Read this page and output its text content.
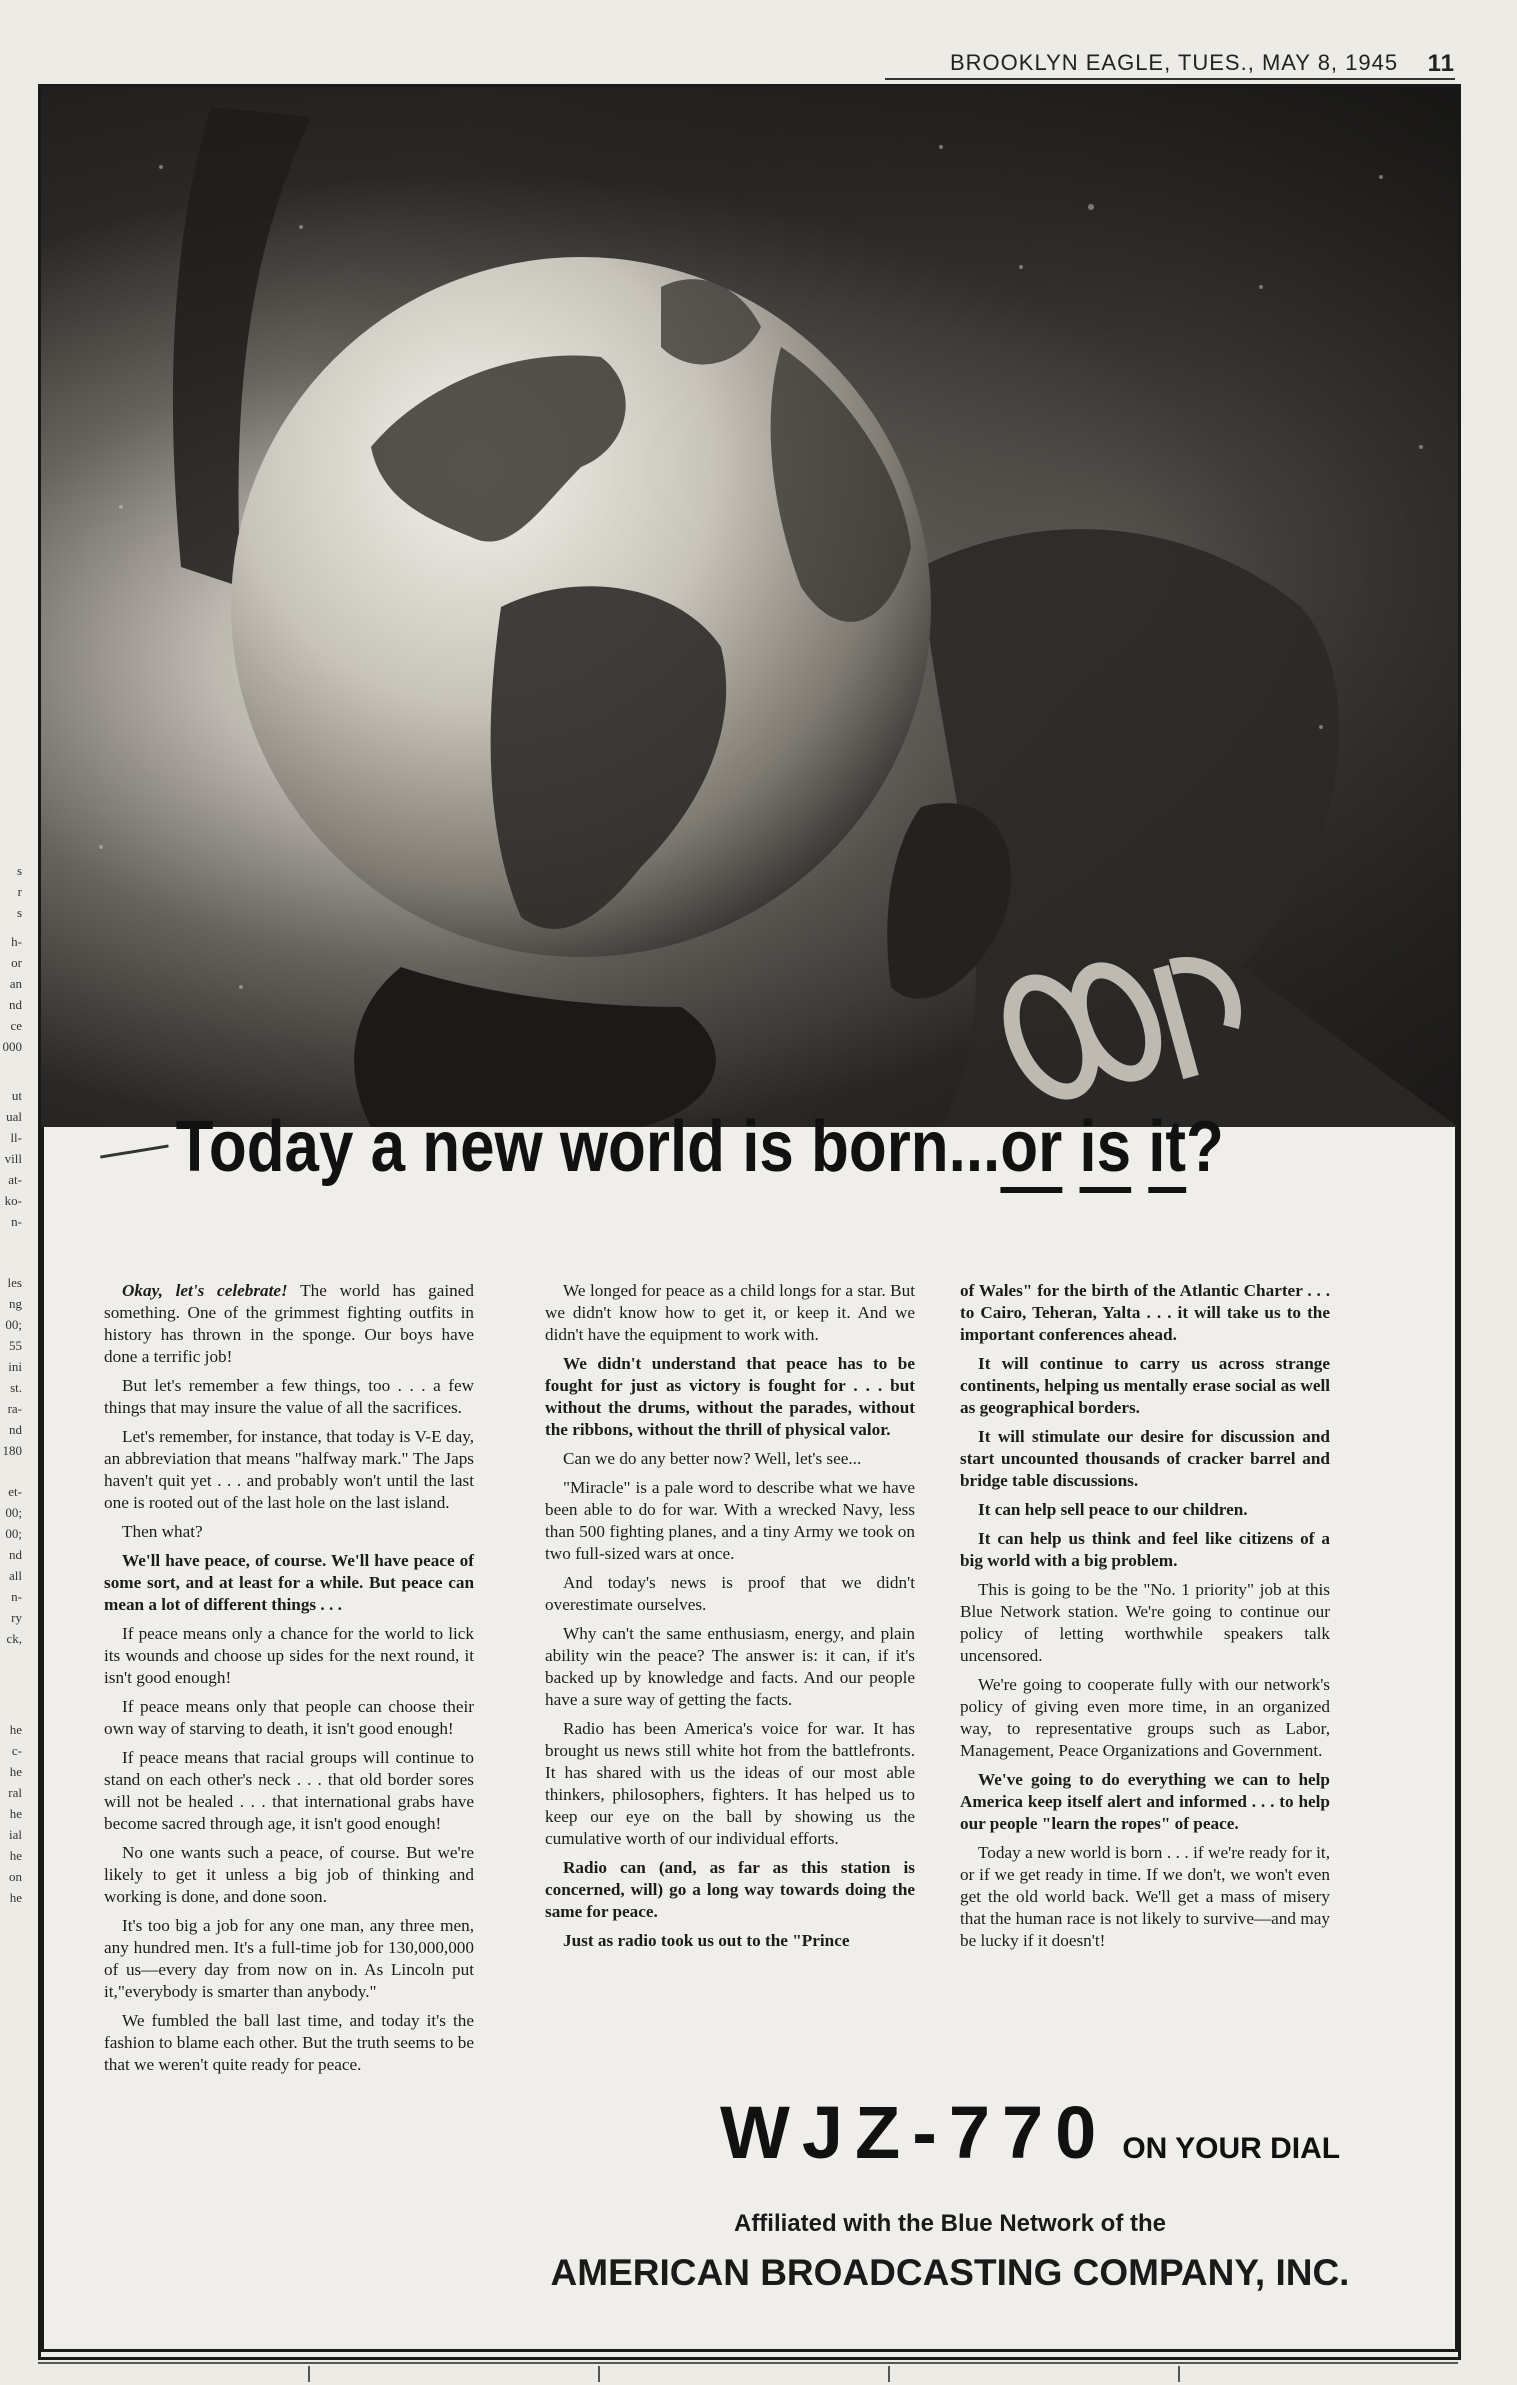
BROOKLYN EAGLE, TUES., MAY 8, 1945 11
s
r
s
h-
or
an
nd
ce
000
ut
ual
ll-
vill
at-
ko-
n-
les
ng
00;
55
ini
st.
ra-
nd
180
et-
00;
00;
nd
all
n-
ry
ck,
he
c-
he
ral
he
ial
he
on
he
Today a new world is born...or is it?

Okay, let's celebrate! The world has gained something. One of the grimmest fighting outfits in history has thrown in the sponge. Our boys have done a terrific job!

But let's remember a few things, too . . . a few things that may insure the value of all the sacrifices.

Let's remember, for instance, that today is V-E day, an abbreviation that means "halfway mark." The Japs haven't quit yet . . . and probably won't until the last one is rooted out of the last hole on the last island.

Then what?

We'll have peace, of course. We'll have peace of some sort, and at least for a while. But peace can mean a lot of different things . . .

If peace means only a chance for the world to lick its wounds and choose up sides for the next round, it isn't good enough!

If peace means only that people can choose their own way of starving to death, it isn't good enough!

If peace means that racial groups will continue to stand on each other's neck . . . that old border sores will not be healed . . . that international grabs have become sacred through age, it isn't good enough!

No one wants such a peace, of course. But we're likely to get it unless a big job of thinking and working is done, and done soon.

It's too big a job for any one man, any three men, any hundred men. It's a full-time job for 130,000,000 of us—every day from now on in. As Lincoln put it,"everybody is smarter than anybody."

We fumbled the ball last time, and today it's the fashion to blame each other. But the truth seems to be that we weren't quite ready for peace.

We longed for peace as a child longs for a star. But we didn't know how to get it, or keep it. And we didn't have the equipment to work with.

We didn't understand that peace has to be fought for just as victory is fought for . . . but without the drums, without the parades, without the ribbons, without the thrill of physical valor.

Can we do any better now? Well, let's see...

"Miracle" is a pale word to describe what we have been able to do for war. With a wrecked Navy, less than 500 fighting planes, and a tiny Army we took on two full-sized wars at once.

And today's news is proof that we didn't overestimate ourselves.

Why can't the same enthusiasm, energy, and plain ability win the peace? The answer is: it can, if it's backed up by knowledge and facts. And our people have a sure way of getting the facts.

Radio has been America's voice for war. It has brought us news still white hot from the battlefronts. It has shared with us the ideas of our most able thinkers, philosophers, fighters. It has helped us to keep our eye on the ball by showing us the cumulative worth of our individual efforts.

Radio can (and, as far as this station is concerned, will) go a long way towards doing the same for peace.

Just as radio took us out to the "Prince

of Wales" for the birth of the Atlantic Charter . . . to Cairo, Teheran, Yalta . . . it will take us to the important conferences ahead.

It will continue to carry us across strange continents, helping us mentally erase social as well as geographical borders.

It will stimulate our desire for discussion and start uncounted thousands of cracker barrel and bridge table discussions.

It can help sell peace to our children.

It can help us think and feel like citizens of a big world with a big problem.

This is going to be the "No. 1 priority" job at this Blue Network station. We're going to continue our policy of letting worthwhile speakers talk uncensored.

We're going to cooperate fully with our network's policy of giving even more time, in an organized way, to representative groups such as Labor, Management, Peace Organizations and Government.

We've going to do everything we can to help America keep itself alert and informed . . . to help our people "learn the ropes" of peace.

Today a new world is born . . . if we're ready for it, or if we get ready in time. If we don't, we won't even get the old world back. We'll get a mass of misery that the human race is not likely to survive—and may be lucky if it doesn't!

WJZ-770 ON YOUR DIAL
Affiliated with the Blue Network of the
AMERICAN BROADCASTING COMPANY, INC.
